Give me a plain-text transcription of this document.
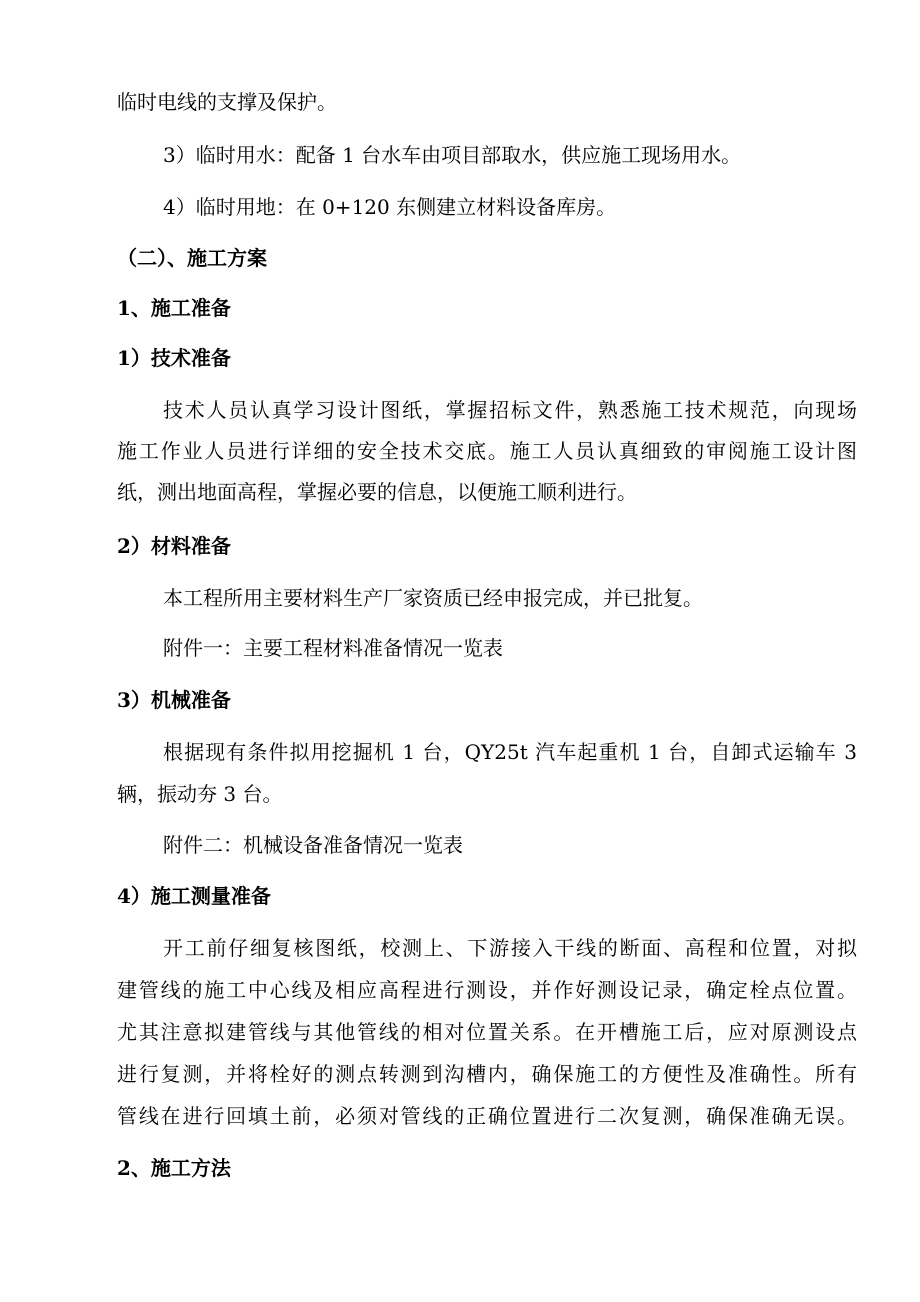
临时电线的支撑及保护。
3）临时用水：配备 1 台水车由项目部取水，供应施工现场用水。
4）临时用地：在 0+120 东侧建立材料设备库房。
（二）、施工方案
1、施工准备
1）技术准备
技术人员认真学习设计图纸，掌握招标文件，熟悉施工技术规范，向现场
施工作业人员进行详细的安全技术交底。施工人员认真细致的审阅施工设计图
纸，测出地面高程，掌握必要的信息，以便施工顺利进行。
2）材料准备
本工程所用主要材料生产厂家资质已经申报完成，并已批复。
附件一：主要工程材料准备情况一览表
3）机械准备
根据现有条件拟用挖掘机 1 台，QY25t 汽车起重机 1 台，自卸式运输车 3
辆，振动夯 3 台。
附件二：机械设备准备情况一览表
4）施工测量准备
开工前仔细复核图纸，校测上、下游接入干线的断面、高程和位置，对拟
建管线的施工中心线及相应高程进行测设，并作好测设记录，确定栓点位置。
尤其注意拟建管线与其他管线的相对位置关系。在开槽施工后，应对原测设点
进行复测，并将栓好的测点转测到沟槽内，确保施工的方便性及准确性。所有
管线在进行回填土前，必须对管线的正确位置进行二次复测，确保准确无误。
2、施工方法
